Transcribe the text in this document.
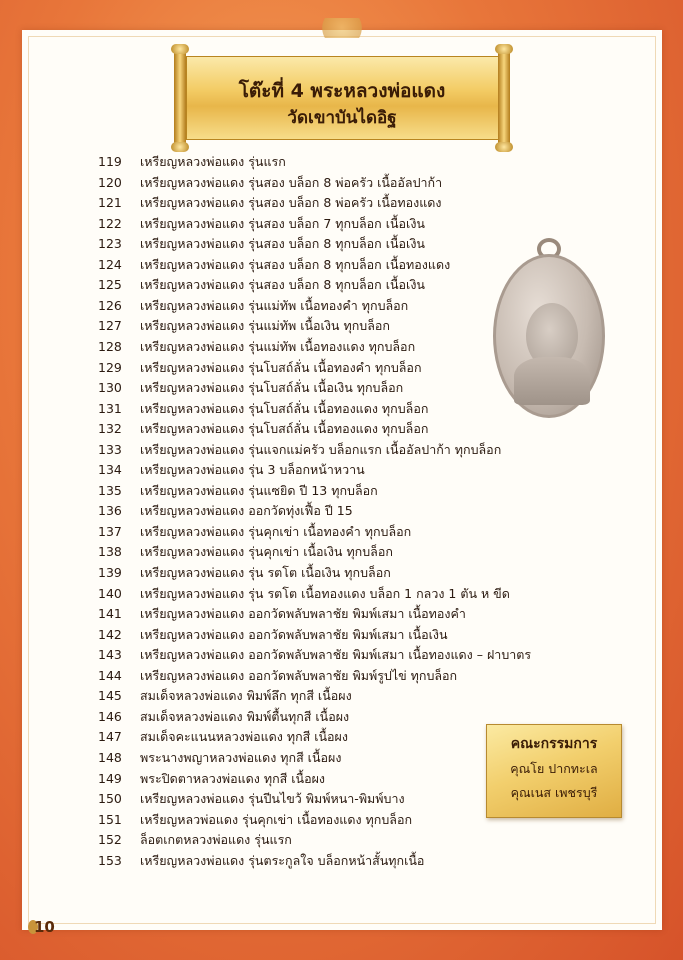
โต๊ะที่ 4 พระหลวงพ่อแดง
วัดเขาบันไดอิฐ
119 เหรียญหลวงพ่อแดง รุ่นแรก
120 เหรียญหลวงพ่อแดง รุ่นสอง บล็อก 8 พ่อครัว เนื้ออัลปาก้า
121 เหรียญหลวงพ่อแดง รุ่นสอง บล็อก 8 พ่อครัว เนื้อทองแดง
122 เหรียญหลวงพ่อแดง รุ่นสอง บล็อก 7 ทุกบล็อก เนื้อเงิน
123 เหรียญหลวงพ่อแดง รุ่นสอง บล็อก 8 ทุกบล็อก เนื้อเงิน
124 เหรียญหลวงพ่อแดง รุ่นสอง บล็อก 8 ทุกบล็อก เนื้อทองแดง
125 เหรียญหลวงพ่อแดง รุ่นสอง บล็อก 8 ทุกบล็อก เนื้อเงิน
126 เหรียญหลวงพ่อแดง รุ่นแม่ทัพ เนื้อทองคำ ทุกบล็อก
127 เหรียญหลวงพ่อแดง รุ่นแม่ทัพ เนื้อเงิน ทุกบล็อก
128 เหรียญหลวงพ่อแดง รุ่นแม่ทัพ เนื้อทองแดง ทุกบล็อก
129 เหรียญหลวงพ่อแดง รุ่นโบสถ์ลั่น เนื้อทองคำ ทุกบล็อก
130 เหรียญหลวงพ่อแดง รุ่นโบสถ์ลั่น เนื้อเงิน ทุกบล็อก
131 เหรียญหลวงพ่อแดง รุ่นโบสถ์ลั่น เนื้อทองแดง ทุกบล็อก
132 เหรียญหลวงพ่อแดง รุ่นโบสถ์ลั่น เนื้อทองแดง ทุกบล็อก
133 เหรียญหลวงพ่อแดง รุ่นแจกแม่ครัว บล็อกแรก เนื้ออัลปาก้า ทุกบล็อก
134 เหรียญหลวงพ่อแดง รุ่น 3 บล็อกหน้าหวาน
135 เหรียญหลวงพ่อแดง รุ่นแซยิด ปี 13 ทุกบล็อก
136 เหรียญหลวงพ่อแดง ออกวัดทุ่งเฟื้อ ปี 15
137 เหรียญหลวงพ่อแดง รุ่นคุกเข่า เนื้อทองคำ ทุกบล็อก
138 เหรียญหลวงพ่อแดง รุ่นคุกเข่า เนื้อเงิน ทุกบล็อก
139 เหรียญหลวงพ่อแดง รุ่น รตโต เนื้อเงิน ทุกบล็อก
140 เหรียญหลวงพ่อแดง รุ่น รตโต เนื้อทองแดง บล็อก 1 กลวง 1 ตัน ห ขีด
141 เหรียญหลวงพ่อแดง ออกวัดพลับพลาชัย พิมพ์เสมา เนื้อทองคำ
142 เหรียญหลวงพ่อแดง ออกวัดพลับพลาชัย พิมพ์เสมา เนื้อเงิน
143 เหรียญหลวงพ่อแดง ออกวัดพลับพลาชัย พิมพ์เสมา เนื้อทองแดง – ฝาบาตร
144 เหรียญหลวงพ่อแดง ออกวัดพลับพลาชัย พิมพ์รูปไข่ ทุกบล็อก
145 สมเด็จหลวงพ่อแดง พิมพ์ลึก ทุกสี เนื้อผง
146 สมเด็จหลวงพ่อแดง พิมพ์ตื้นทุกสี เนื้อผง
147 สมเด็จคะแนนหลวงพ่อแดง ทุกสี เนื้อผง
148 พระนางพญาหลวงพ่อแดง ทุกสี เนื้อผง
149 พระปิดตาหลวงพ่อแดง ทุกสี เนื้อผง
150 เหรียญหลวงพ่อแดง รุ่นปีนไขว้ พิมพ์หนา-พิมพ์บาง
151 เหรียญหลวพ่อแดง รุ่นคุกเข่า เนื้อทองแดง ทุกบล็อก
152 ล็อตเกตหลวงพ่อแดง รุ่นแรก
153 เหรียญหลวงพ่อแดง รุ่นตระกูลใจ บล็อกหน้าสั้นทุกเนื้อ
คณะกรรมการ
คุณโย ปากทะเล
คุณเนส เพชรบุรี
10
